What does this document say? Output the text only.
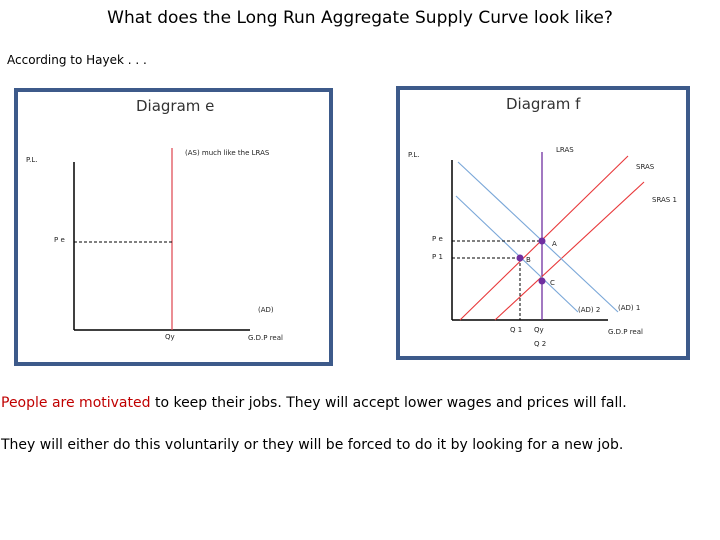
What does the Long Run Aggregate Supply Curve look like?
According to Hayek . . .
Diagram e
P.L.
(AS) much like the LRAS
P e
(AD)
Qy	G.D.P real
Diagram f
P.L.
LRAS
SRAS
SRAS 1
(AD) 2	(AD) 1
A
B
C
P e
P 1
Q 1 Qy
Q 2
G.D.P real
People are motivated to keep their jobs. They will accept lower wages and prices will fall.
They will either do this voluntarily or they will be forced to do it by looking for a new job.
